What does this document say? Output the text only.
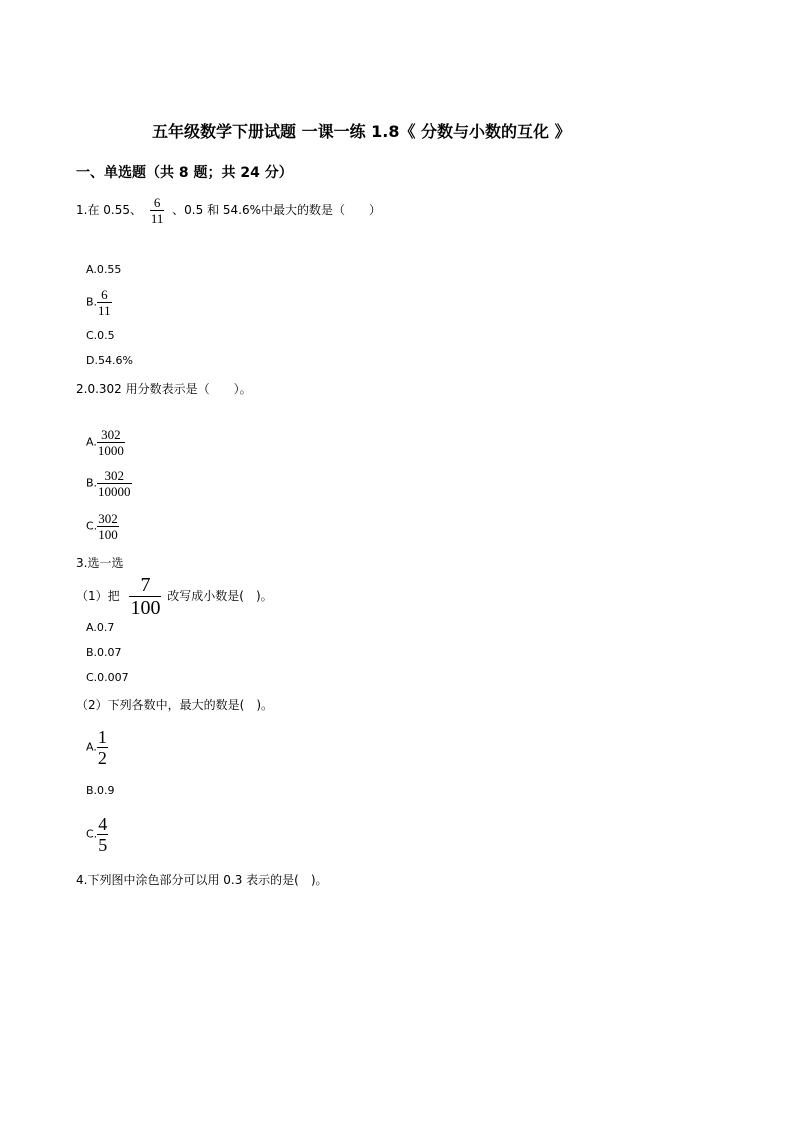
五年级数学下册试题 一课一练 1.8《 分数与小数的互化 》
一、单选题（共 8 题；共 24 分）
1.在 0.55、 $\frac{6}{11}$ 、0.5 和 54.6%中最大的数是（　　）
A.0.55
B. $\frac{6}{11}$
C.0.5
D.54.6%
2.0.302 用分数表示是（　　）。
A. $\frac{302}{1000}$
B. $\frac{302}{10000}$
C. $\frac{302}{100}$
3.选一选
（1）把 $\frac{7}{100}$ 改写成小数是(　)。
A.0.7
B.0.07
C.0.007
（2）下列各数中，最大的数是(　)。
A. $\frac{1}{2}$
B.0.9
C. $\frac{4}{5}$
4.下列图中涂色部分可以用 0.3 表示的是(　)。
